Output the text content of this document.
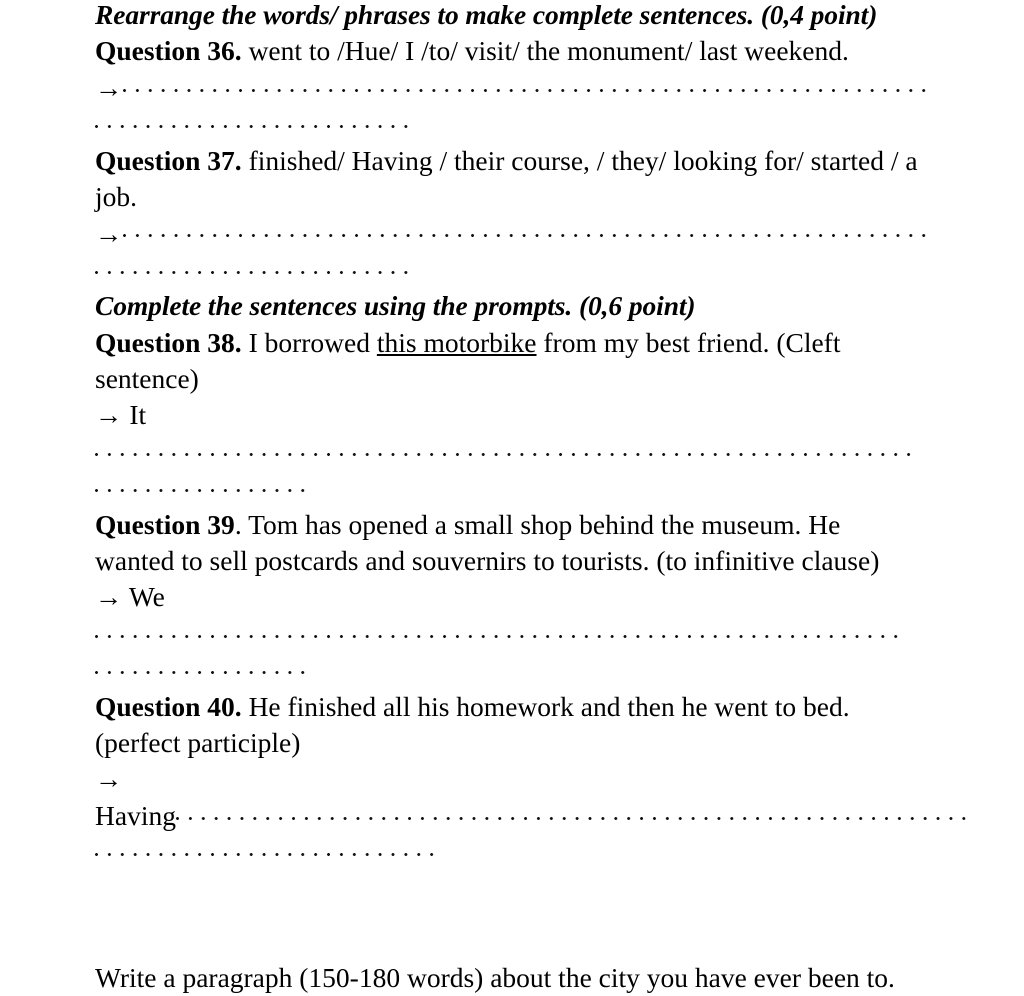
Rearrange the words/ phrases to make complete sentences. (0,4 point)

Question 36. went to /Hue/ I /to/ visit/ the monument/ last weekend.

→

Question 37. finished/ Having / their course, / they/ looking for/ started / a job.

→

Complete the sentences using the prompts. (0,6 point)

Question 38. I borrowed this motorbike from my best friend. (Cleft sentence)

→ It

Question 39. Tom has opened a small shop behind the museum. He wanted to sell postcards and souvernirs to tourists. (to infinitive clause)

→ We

Question 40. He finished all his homework and then he went to bed. (perfect participle)

→

Having
Write a paragraph (150-180 words) about the city you have ever been to.
